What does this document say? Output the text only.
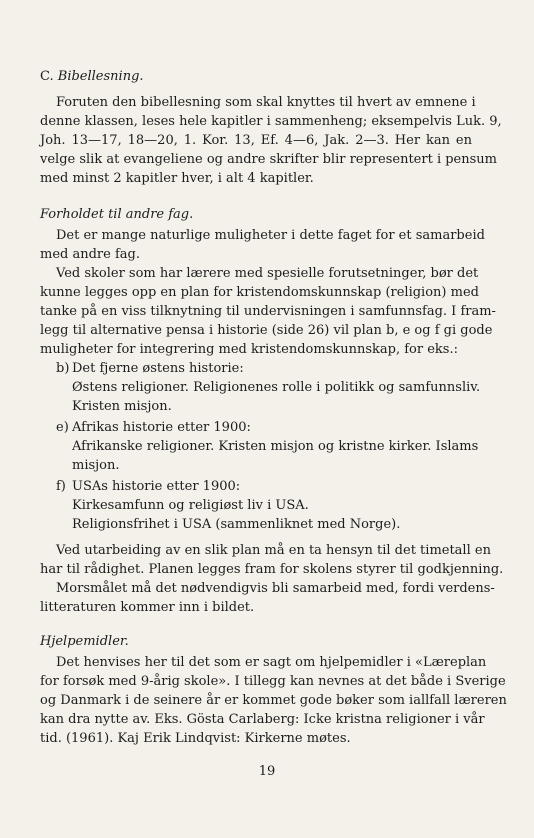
C. Bibellesning.
Foruten den bibellesning som skal knyttes til hvert av emnene i
denne klassen, leses hele kapitler i sammenheng; eksempelvis Luk. 9,
Joh. 13—17, 18—20, 1. Kor. 13, Ef. 4—6, Jak. 2—3. Her kan en
velge slik at evangeliene og andre skrifter blir representert i pensum
med minst 2 kapitler hver, i alt 4 kapitler.
Forholdet til andre fag.
Det er mange naturlige muligheter i dette faget for et samarbeid
med andre fag.
Ved skoler som har lærere med spesielle forutsetninger, bør det
kunne legges opp en plan for kristendomskunnskap (religion) med
tanke på en viss tilknytning til undervisningen i samfunnsfag. I fram-
legg til alternative pensa i historie (side 26) vil plan b, e og f gi gode
muligheter for integrering med kristendomskunnskap, for eks.:
b) Det fjerne østens historie:
Østens religioner. Religionenes rolle i politikk og samfunnsliv.
Kristen misjon.
e) Afrikas historie etter 1900:
Afrikanske religioner. Kristen misjon og kristne kirker. Islams
misjon.
f) USAs historie etter 1900:
Kirkesamfunn og religiøst liv i USA.
Religionsfrihet i USA (sammenliknet med Norge).
Ved utarbeiding av en slik plan må en ta hensyn til det timetall en
har til rådighet. Planen legges fram for skolens styrer til godkjenning.
Morsmålet må det nødvendigvis bli samarbeid med, fordi verdens-
litteraturen kommer inn i bildet.
Hjelpemidler.
Det henvises her til det som er sagt om hjelpemidler i «Læreplan
for forsøk med 9-årig skole». I tillegg kan nevnes at det både i Sverige
og Danmark i de seinere år er kommet gode bøker som iallfall læreren
kan dra nytte av. Eks. Gösta Carlaberg: Icke kristna religioner i vår
tid. (1961). Kaj Erik Lindqvist: Kirkerne møtes.
19
